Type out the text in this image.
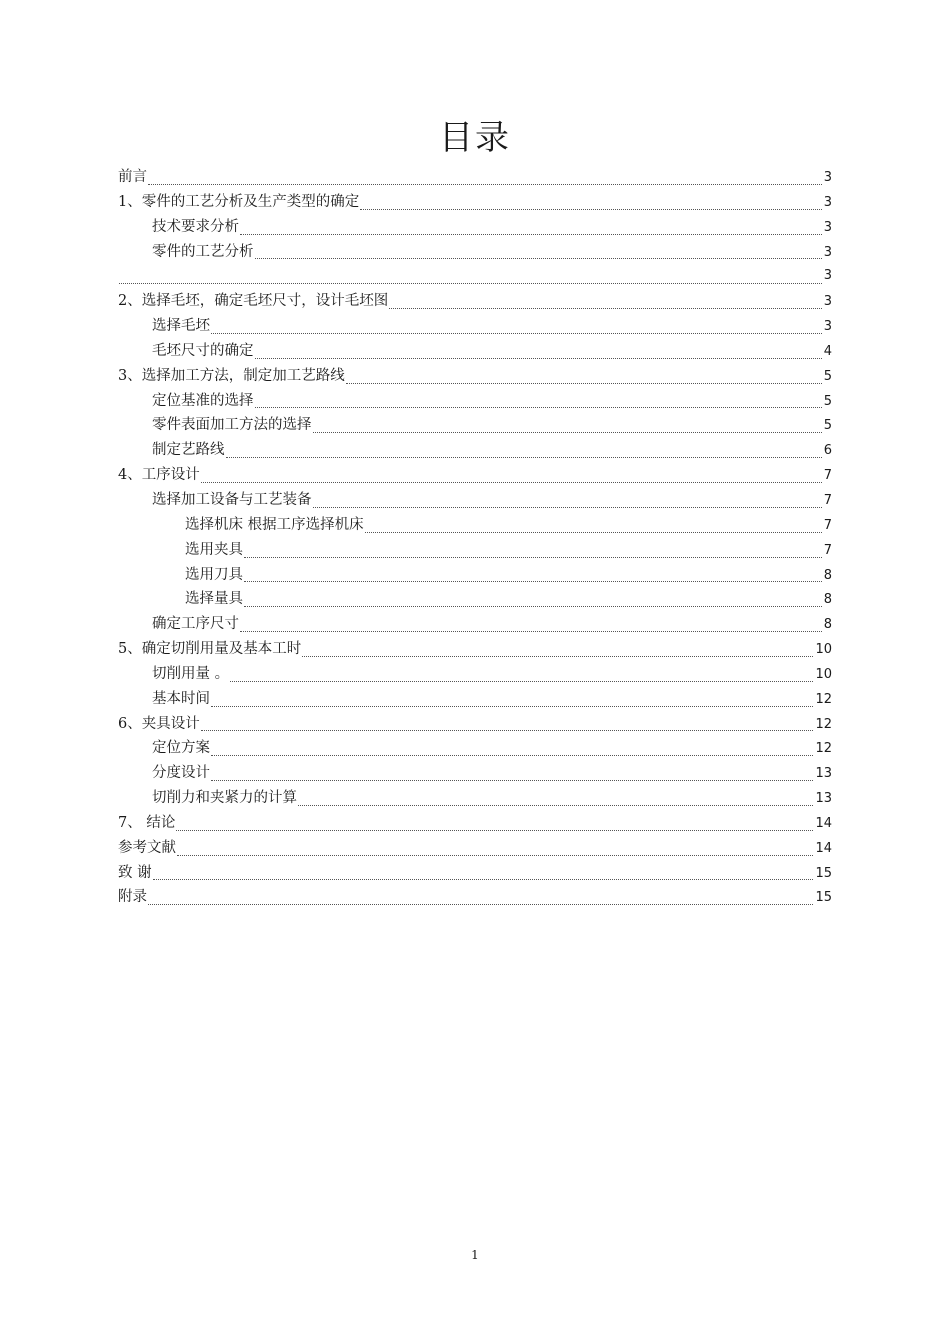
目录
前言	3
1、零件的工艺分析及生产类型的确定	3
技术要求分析	3
零件的工艺分析	3
3
2、选择毛坯，确定毛坯尺寸，设计毛坯图	3
选择毛坯	3
毛坯尺寸的确定	4
3、选择加工方法，制定加工艺路线	5
定位基准的选择	5
零件表面加工方法的选择	5
制定艺路线	6
4、工序设计	7
选择加工设备与工艺装备	7
选择机床 根据工序选择机床	7
选用夹具	7
选用刀具	8
选择量具	8
确定工序尺寸	8
5、确定切削用量及基本工时	10
切削用量 。	10
基本时间	12
6、夹具设计	12
定位方案	12
分度设计	13
切削力和夹紧力的计算	13
7、 结论	14
参考文献	14
致 谢	15
附录	15
1
